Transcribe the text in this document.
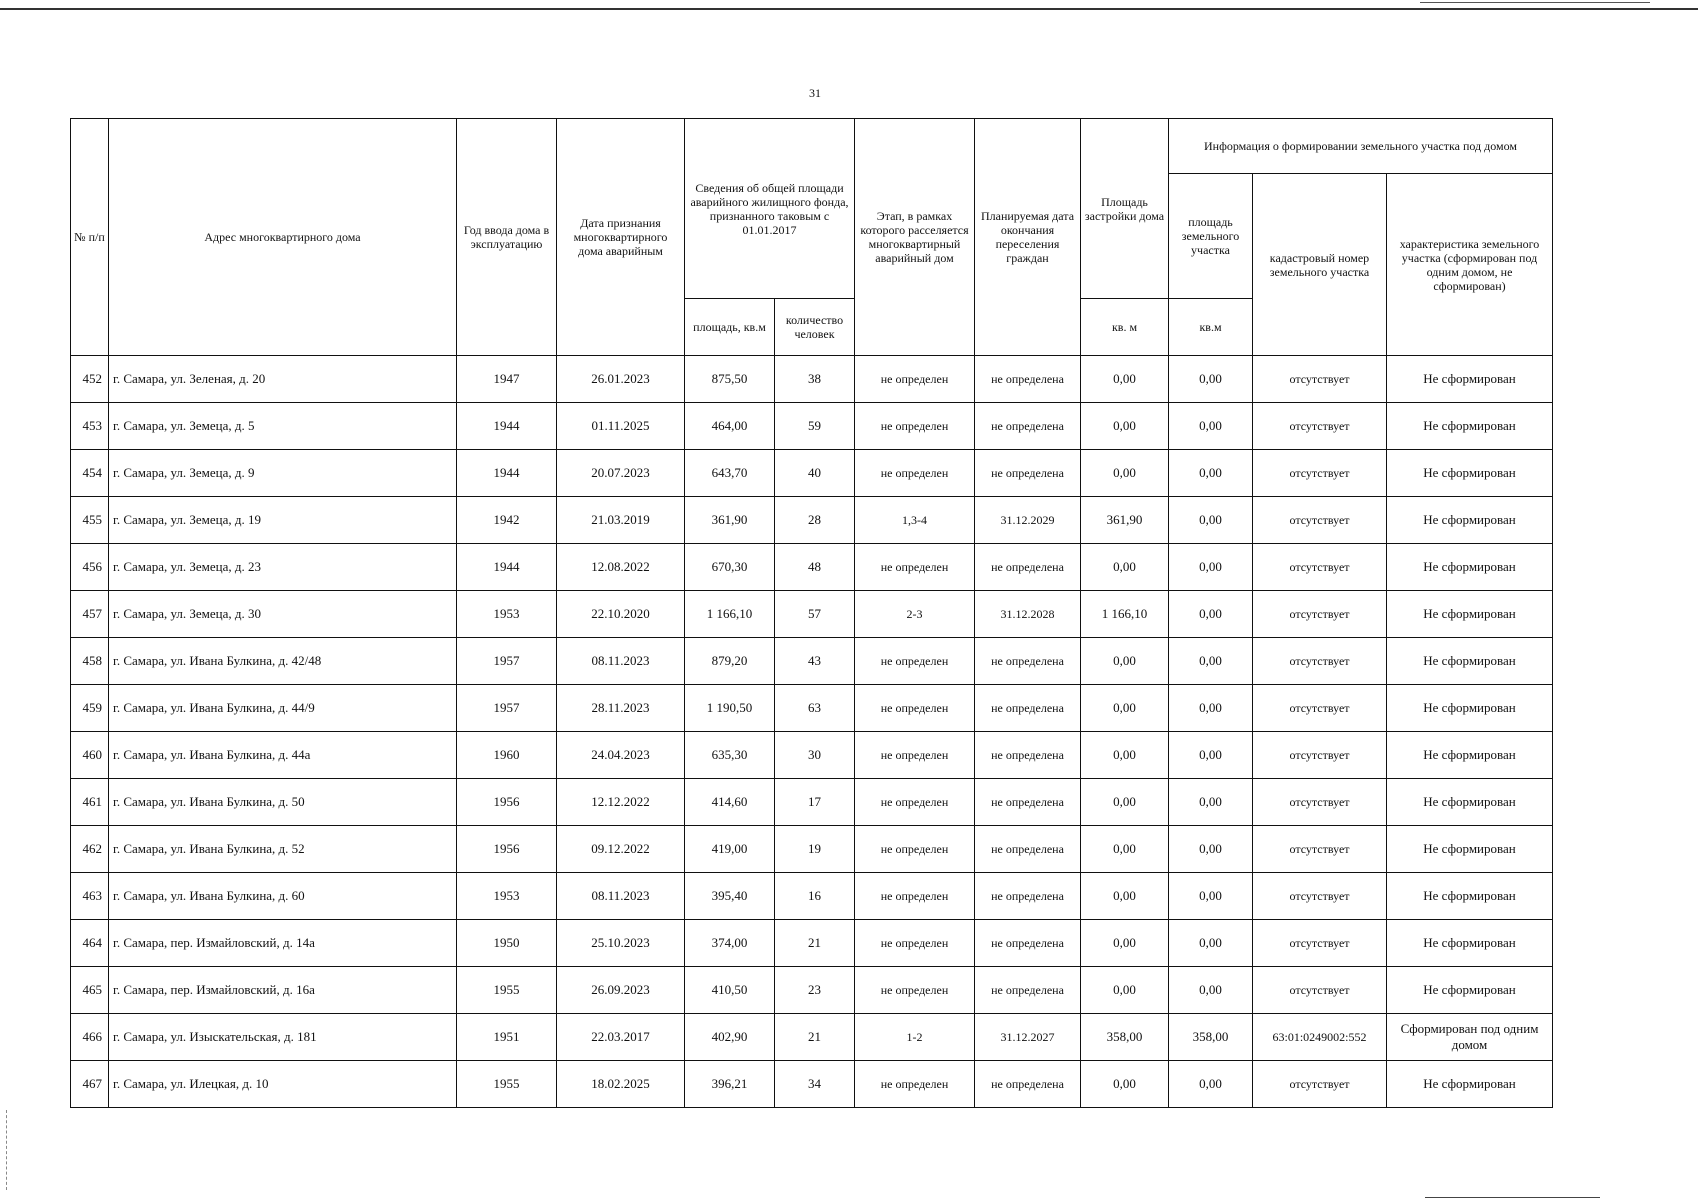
31
№ п/п	Адрес многоквартирного дома	Год ввода дома в эксплуатацию	Дата признания многоквартирного дома аварийным	Сведения об общей площади аварийного жилищного фонда, признанного таковым с 01.01.2017		Этап, в рамках которого расселяется многоквартирный аварийный дом	Планируемая дата окончания переселения граждан	Площадь застройки дома	Информация о формировании земельного участка под домом		
									площадь земельного участка	кадастровый номер земельного участка	характеристика земельного участка (сформирован под одним домом, не сформирован)
				площадь, кв.м	количество человек			кв. м	кв.м		
452	г. Самара, ул. Зеленая, д. 20	1947	26.01.2023	875,50	38	не определен	не определена	0,00	0,00	отсутствует	Не сформирован
453	г. Самара, ул. Земеца, д. 5	1944	01.11.2025	464,00	59	не определен	не определена	0,00	0,00	отсутствует	Не сформирован
454	г. Самара, ул. Земеца, д. 9	1944	20.07.2023	643,70	40	не определен	не определена	0,00	0,00	отсутствует	Не сформирован
455	г. Самара, ул. Земеца, д. 19	1942	21.03.2019	361,90	28	1,3-4	31.12.2029	361,90	0,00	отсутствует	Не сформирован
456	г. Самара, ул. Земеца, д. 23	1944	12.08.2022	670,30	48	не определен	не определена	0,00	0,00	отсутствует	Не сформирован
457	г. Самара, ул. Земеца, д. 30	1953	22.10.2020	1 166,10	57	2-3	31.12.2028	1 166,10	0,00	отсутствует	Не сформирован
458	г. Самара, ул. Ивана Булкина, д. 42/48	1957	08.11.2023	879,20	43	не определен	не определена	0,00	0,00	отсутствует	Не сформирован
459	г. Самара, ул. Ивана Булкина, д. 44/9	1957	28.11.2023	1 190,50	63	не определен	не определена	0,00	0,00	отсутствует	Не сформирован
460	г. Самара, ул. Ивана Булкина, д. 44а	1960	24.04.2023	635,30	30	не определен	не определена	0,00	0,00	отсутствует	Не сформирован
461	г. Самара, ул. Ивана Булкина, д. 50	1956	12.12.2022	414,60	17	не определен	не определена	0,00	0,00	отсутствует	Не сформирован
462	г. Самара, ул. Ивана Булкина, д. 52	1956	09.12.2022	419,00	19	не определен	не определена	0,00	0,00	отсутствует	Не сформирован
463	г. Самара, ул. Ивана Булкина, д. 60	1953	08.11.2023	395,40	16	не определен	не определена	0,00	0,00	отсутствует	Не сформирован
464	г. Самара, пер. Измайловский, д. 14а	1950	25.10.2023	374,00	21	не определен	не определена	0,00	0,00	отсутствует	Не сформирован
465	г. Самара, пер. Измайловский, д. 16а	1955	26.09.2023	410,50	23	не определен	не определена	0,00	0,00	отсутствует	Не сформирован
466	г. Самара, ул. Изыскательская, д. 181	1951	22.03.2017	402,90	21	1-2	31.12.2027	358,00	358,00	63:01:0249002:552	Сформирован под одним домом
467	г. Самара, ул. Илецкая, д. 10	1955	18.02.2025	396,21	34	не определен	не определена	0,00	0,00	отсутствует	Не сформирован
